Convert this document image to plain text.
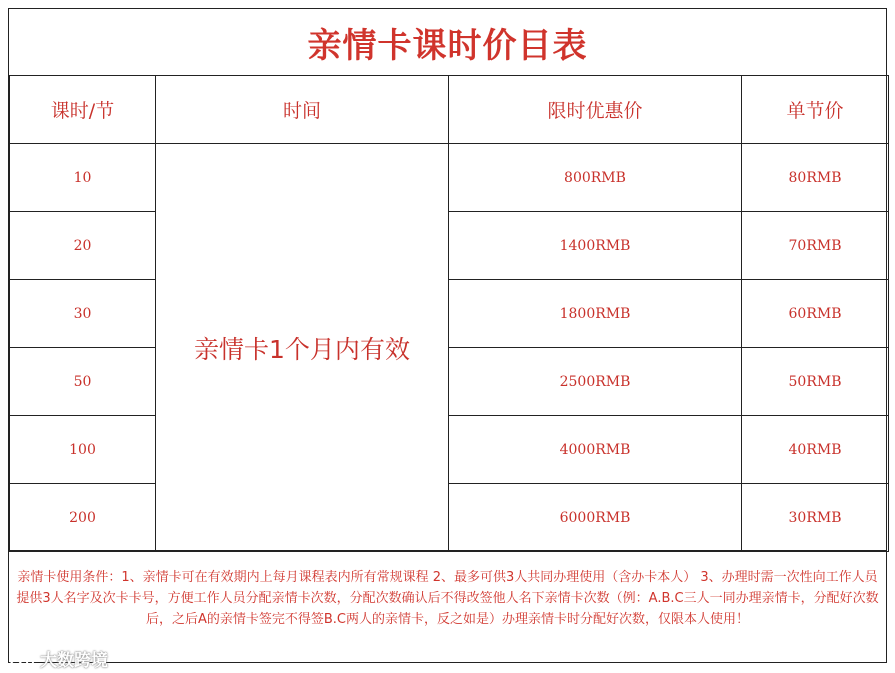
亲情卡课时价目表
课时/节	时间	限时优惠价	单节价
10	亲情卡1个月内有效	800RMB	80RMB
20		1400RMB	70RMB
30		1800RMB	60RMB
50		2500RMB	50RMB
100		4000RMB	40RMB
200		6000RMB	30RMB
亲情卡使用条件：1、亲情卡可在有效期内上每月课程表内所有常规课程 2、最多可供3人共同办理使用（含办卡本人） 3、办理时需一次性向工作人员提供3人名字及次卡卡号，方便工作人员分配亲情卡次数，分配次数确认后不得改签他人名下亲情卡次数（例：A.B.C三人一同办理亲情卡，分配好次数后，之后A的亲情卡签完不得签B.C两人的亲情卡，反之如是）办理亲情卡时分配好次数，仅限本人使用！
大数跨境
